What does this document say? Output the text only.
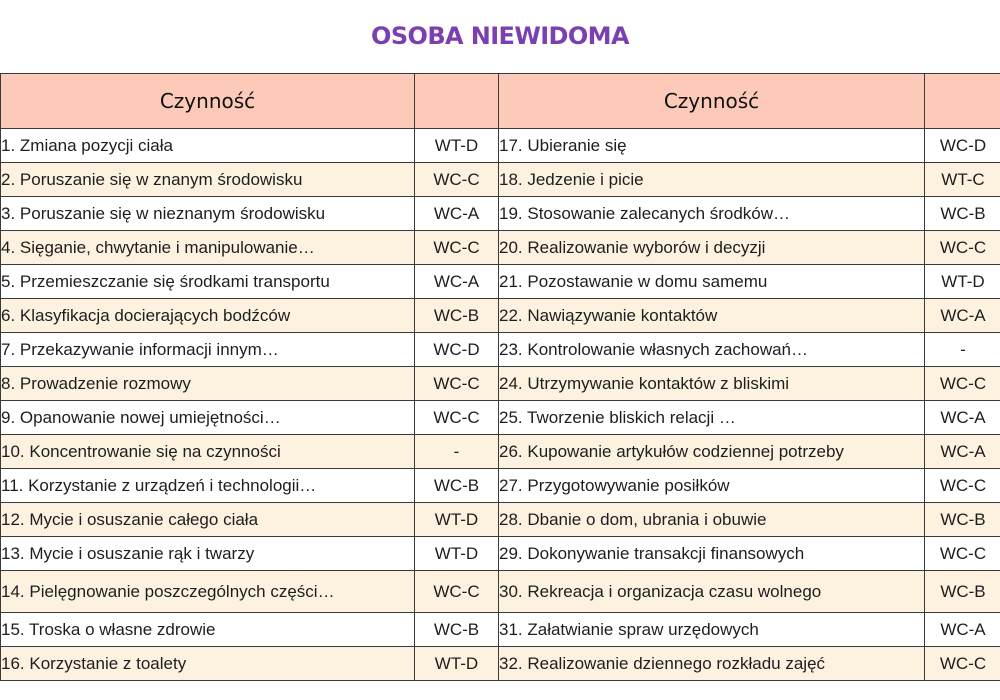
OSOBA NIEWIDOMA
Czynność		Czynność	
1. Zmiana pozycji ciała	WT-D	17. Ubieranie się	WC-D
2. Poruszanie się w znanym środowisku	WC-C	18. Jedzenie i picie	WT-C
3. Poruszanie się w nieznanym środowisku	WC-A	19. Stosowanie zalecanych środków…	WC-B
4. Sięganie, chwytanie i manipulowanie…	WC-C	20. Realizowanie wyborów i decyzji	WC-C
5. Przemieszczanie się środkami transportu	WC-A	21. Pozostawanie w domu samemu	WT-D
6. Klasyfikacja docierających bodźców	WC-B	22. Nawiązywanie kontaktów	WC-A
7. Przekazywanie informacji innym…	WC-D	23. Kontrolowanie własnych zachowań…	-
8. Prowadzenie rozmowy	WC-C	24. Utrzymywanie kontaktów z bliskimi	WC-C
9. Opanowanie nowej umiejętności…	WC-C	25. Tworzenie bliskich relacji …	WC-A
10. Koncentrowanie się na czynności	-	26. Kupowanie artykułów codziennej potrzeby	WC-A
11. Korzystanie z urządzeń i technologii…	WC-B	27. Przygotowywanie posiłków	WC-C
12. Mycie i osuszanie całego ciała	WT-D	28. Dbanie o dom, ubrania i obuwie	WC-B
13. Mycie i osuszanie rąk i twarzy	WT-D	29. Dokonywanie transakcji finansowych	WC-C
14. Pielęgnowanie poszczególnych części…	WC-C	30. Rekreacja i organizacja czasu wolnego	WC-B
15. Troska o własne zdrowie	WC-B	31. Załatwianie spraw urzędowych	WC-A
16. Korzystanie z toalety	WT-D	32. Realizowanie dziennego rozkładu zajęć	WC-C
